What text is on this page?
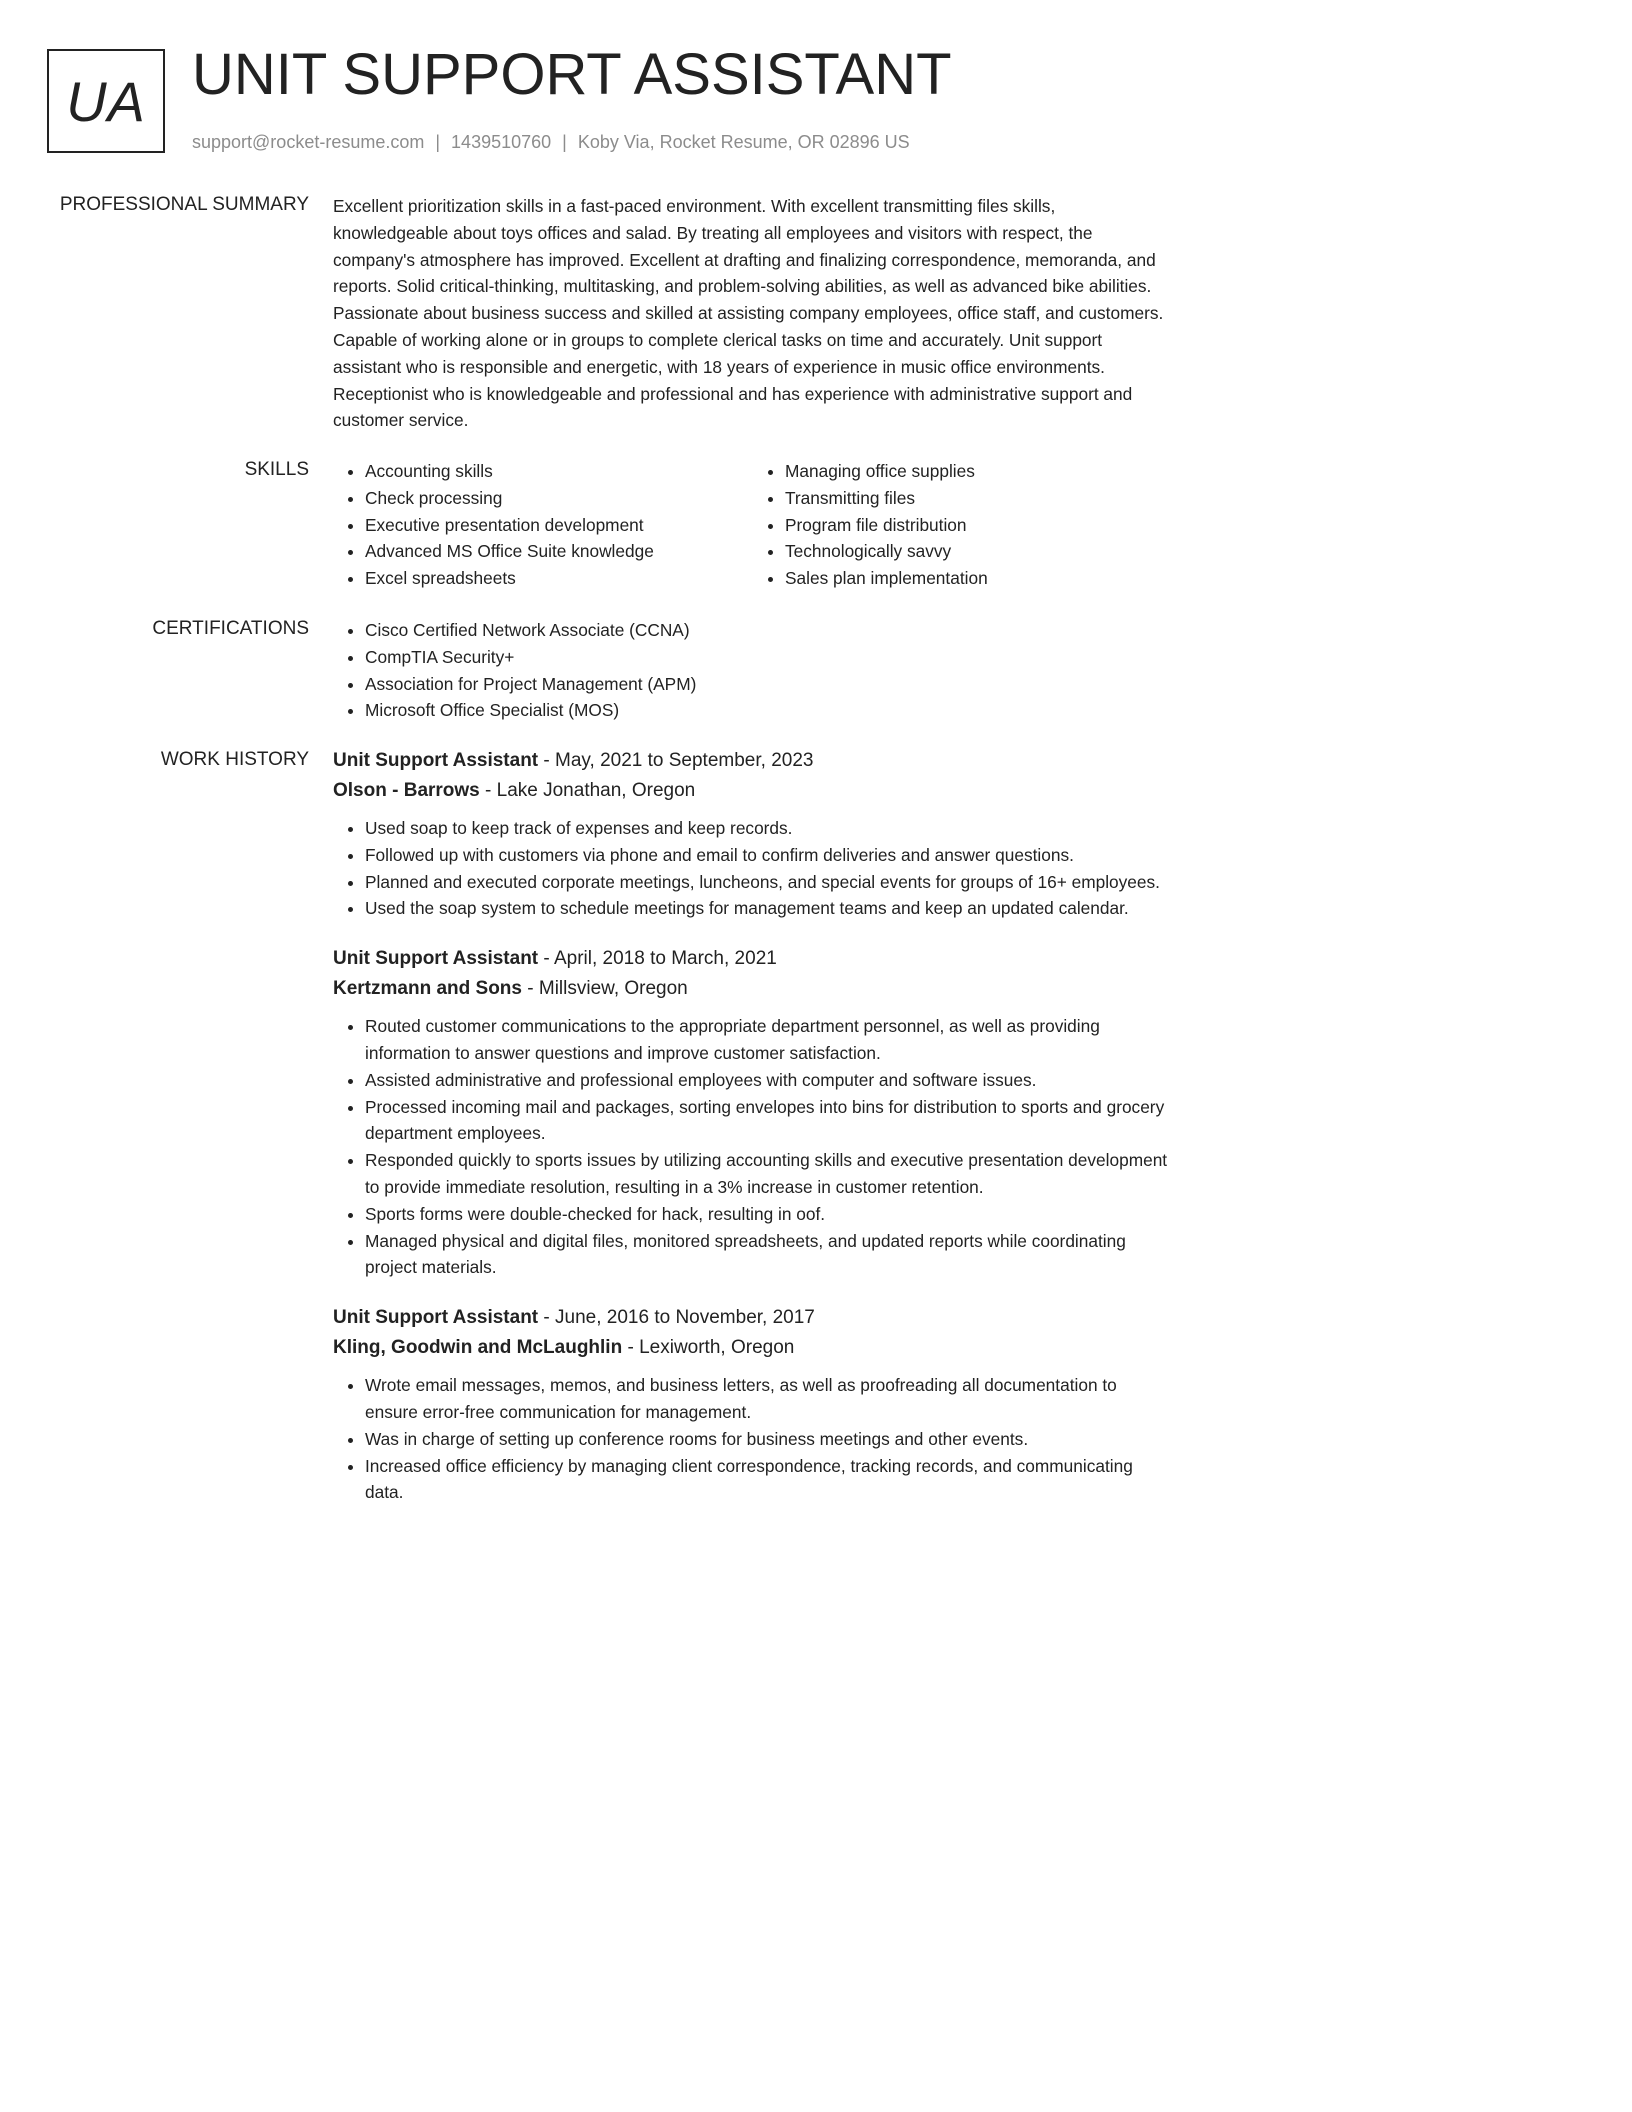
UA UNIT SUPPORT ASSISTANT
support@rocket-resume.com | 1439510760 | Koby Via, Rocket Resume, OR 02896 US
PROFESSIONAL SUMMARY Excellent prioritization skills in a fast-paced environment. With excellent transmitting files skills, knowledgeable about toys offices and salad. By treating all employees and visitors with respect, the company's atmosphere has improved. Excellent at drafting and finalizing correspondence, memoranda, and reports. Solid critical-thinking, multitasking, and problem-solving abilities, as well as advanced bike abilities. Passionate about business success and skilled at assisting company employees, office staff, and customers. Capable of working alone or in groups to complete clerical tasks on time and accurately. Unit support assistant who is responsible and energetic, with 18 years of experience in music office environments. Receptionist who is knowledgeable and professional and has experience with administrative support and customer service.

SKILLS	• Accounting skills
• Check processing
• Executive presentation development
• Advanced MS Office Suite knowledge
• Excel spreadsheets
• Managing office supplies
• Transmitting files
• Program file distribution
• Technologically savvy
• Sales plan implementation
CERTIFICATIONS	• Cisco Certified Network Associate (CCNA)
• CompTIA Security+
• Association for Project Management (APM)
• Microsoft Office Specialist (MOS)
WORK HISTORY Unit Support Assistant - May, 2021 to September, 2023

Olson - Barrows - Lake Jonathan, Oregon

• Used soap to keep track of expenses and keep records.
• Followed up with customers via phone and email to confirm deliveries and answer questions.
• Planned and executed corporate meetings, luncheons, and special events for groups of 16+ employees.
• Used the soap system to schedule meetings for management teams and keep an updated calendar.

Unit Support Assistant - April, 2018 to March, 2021

Kertzmann and Sons - Millsview, Oregon

• Routed customer communications to the appropriate department personnel, as well as providing information to answer questions and improve customer satisfaction.
• Assisted administrative and professional employees with computer and software issues.
• Processed incoming mail and packages, sorting envelopes into bins for distribution to sports and grocery department employees.
• Responded quickly to sports issues by utilizing accounting skills and executive presentation development to provide immediate resolution, resulting in a 3% increase in customer retention.
• Sports forms were double-checked for hack, resulting in oof.
• Managed physical and digital files, monitored spreadsheets, and updated reports while coordinating project materials.

Unit Support Assistant - June, 2016 to November, 2017

Kling, Goodwin and McLaughlin - Lexiworth, Oregon

• Wrote email messages, memos, and business letters, as well as proofreading all documentation to ensure error-free communication for management.
• Was in charge of setting up conference rooms for business meetings and other events.
• Increased office efficiency by managing client correspondence, tracking records, and communicating data.
